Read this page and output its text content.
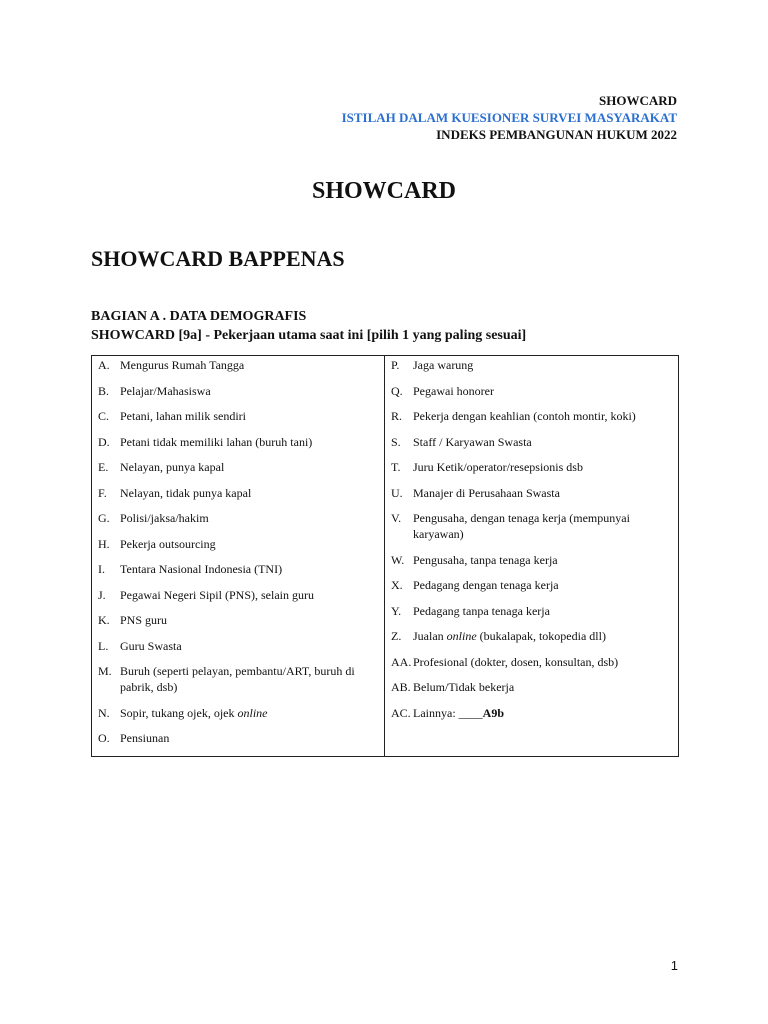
SHOWCARD
ISTILAH DALAM KUESIONER SURVEI MASYARAKAT
INDEKS PEMBANGUNAN HUKUM 2022
SHOWCARD
SHOWCARD BAPPENAS
BAGIAN A . DATA DEMOGRAFIS
SHOWCARD [9a] - Pekerjaan utama saat ini [pilih 1 yang paling sesuai]
A. Mengurus Rumah Tangga
B. Pelajar/Mahasiswa
C. Petani, lahan milik sendiri
D. Petani tidak memiliki lahan (buruh tani)
E. Nelayan, punya kapal
F.	Nelayan, tidak punya kapal
G. Polisi/jaksa/hakim
H. Pekerja outsourcing
I.	Tentara Nasional Indonesia (TNI)
J.	Pegawai Negeri Sipil (PNS), selain guru
K. PNS guru
L. Guru Swasta
M. Buruh (seperti pelayan, pembantu/ART, buruh di pabrik, dsb)
N. Sopir, tukang ojek, ojek online
O. Pensiunan

P.	Jaga warung
Q. Pegawai honorer
R. Pekerja dengan keahlian (contoh montir, koki)
S.	Staff / Karyawan Swasta
T.	Juru Ketik/operator/resepsionis dsb
U. Manajer di Perusahaan Swasta
V. Pengusaha, dengan tenaga kerja (mempunyai karyawan)
W. Pengusaha, tanpa tenaga kerja
X. Pedagang dengan tenaga kerja
Y. Pedagang tanpa tenaga kerja
Z. Jualan online (bukalapak, tokopedia dll)
AA. Profesional (dokter, dosen, konsultan, dsb)
AB. Belum/Tidak bekerja
AC. Lainnya: ____A9b
1
